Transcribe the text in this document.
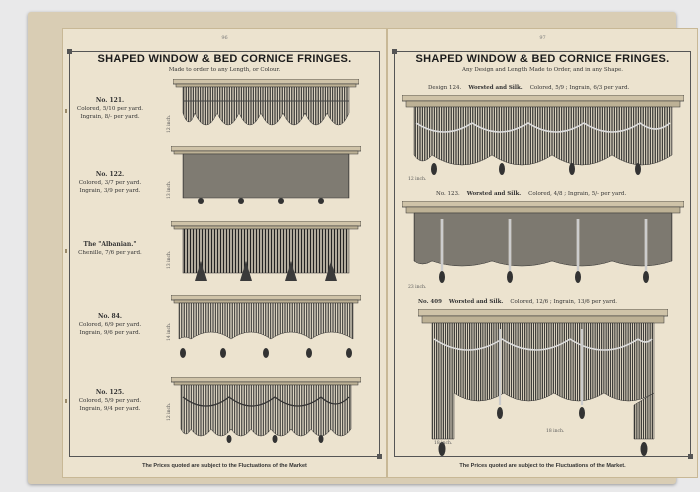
96
SHAPED WINDOW & BED CORNICE FRINGES.
Made to order to any Length, or Colour.
No. 121.
Colored, 5/10 per yard.
Ingrain, 8/- per yard.	12 inch.
No. 122.
Colored, 3/7 per yard.
Ingrain, 3/9 per yard.	13 inch.
The "Albanian."
Chenille, 7/6 per yard.	13 inch.
No. 84.
Colored, 6/9 per yard.
Ingrain, 9/6 per yard.	14 inch.
No. 125.
Colored, 5/9 per yard.
Ingrain, 9/4 per yard.	12 inch.
The Prices quoted are subject to the Fluctuations of the Market
97
SHAPED WINDOW & BED CORNICE FRINGES.
Any Design and Length Made to Order, and in any Shape.
Design 124. Worsted and Silk. Colored, 5/9 ; Ingrain, 6/3 per yard.
12 inch.
No. 123. Worsted and Silk. Colored, 4/8 ; Ingrain, 5/- per yard.
23 inch.
No. 409 Worsted and Silk. Colored, 12/6 ; Ingrain, 13/6 per yard.
18 inch.
18 inch.
The Prices quoted are subject to the Fluctuations of the Market.
